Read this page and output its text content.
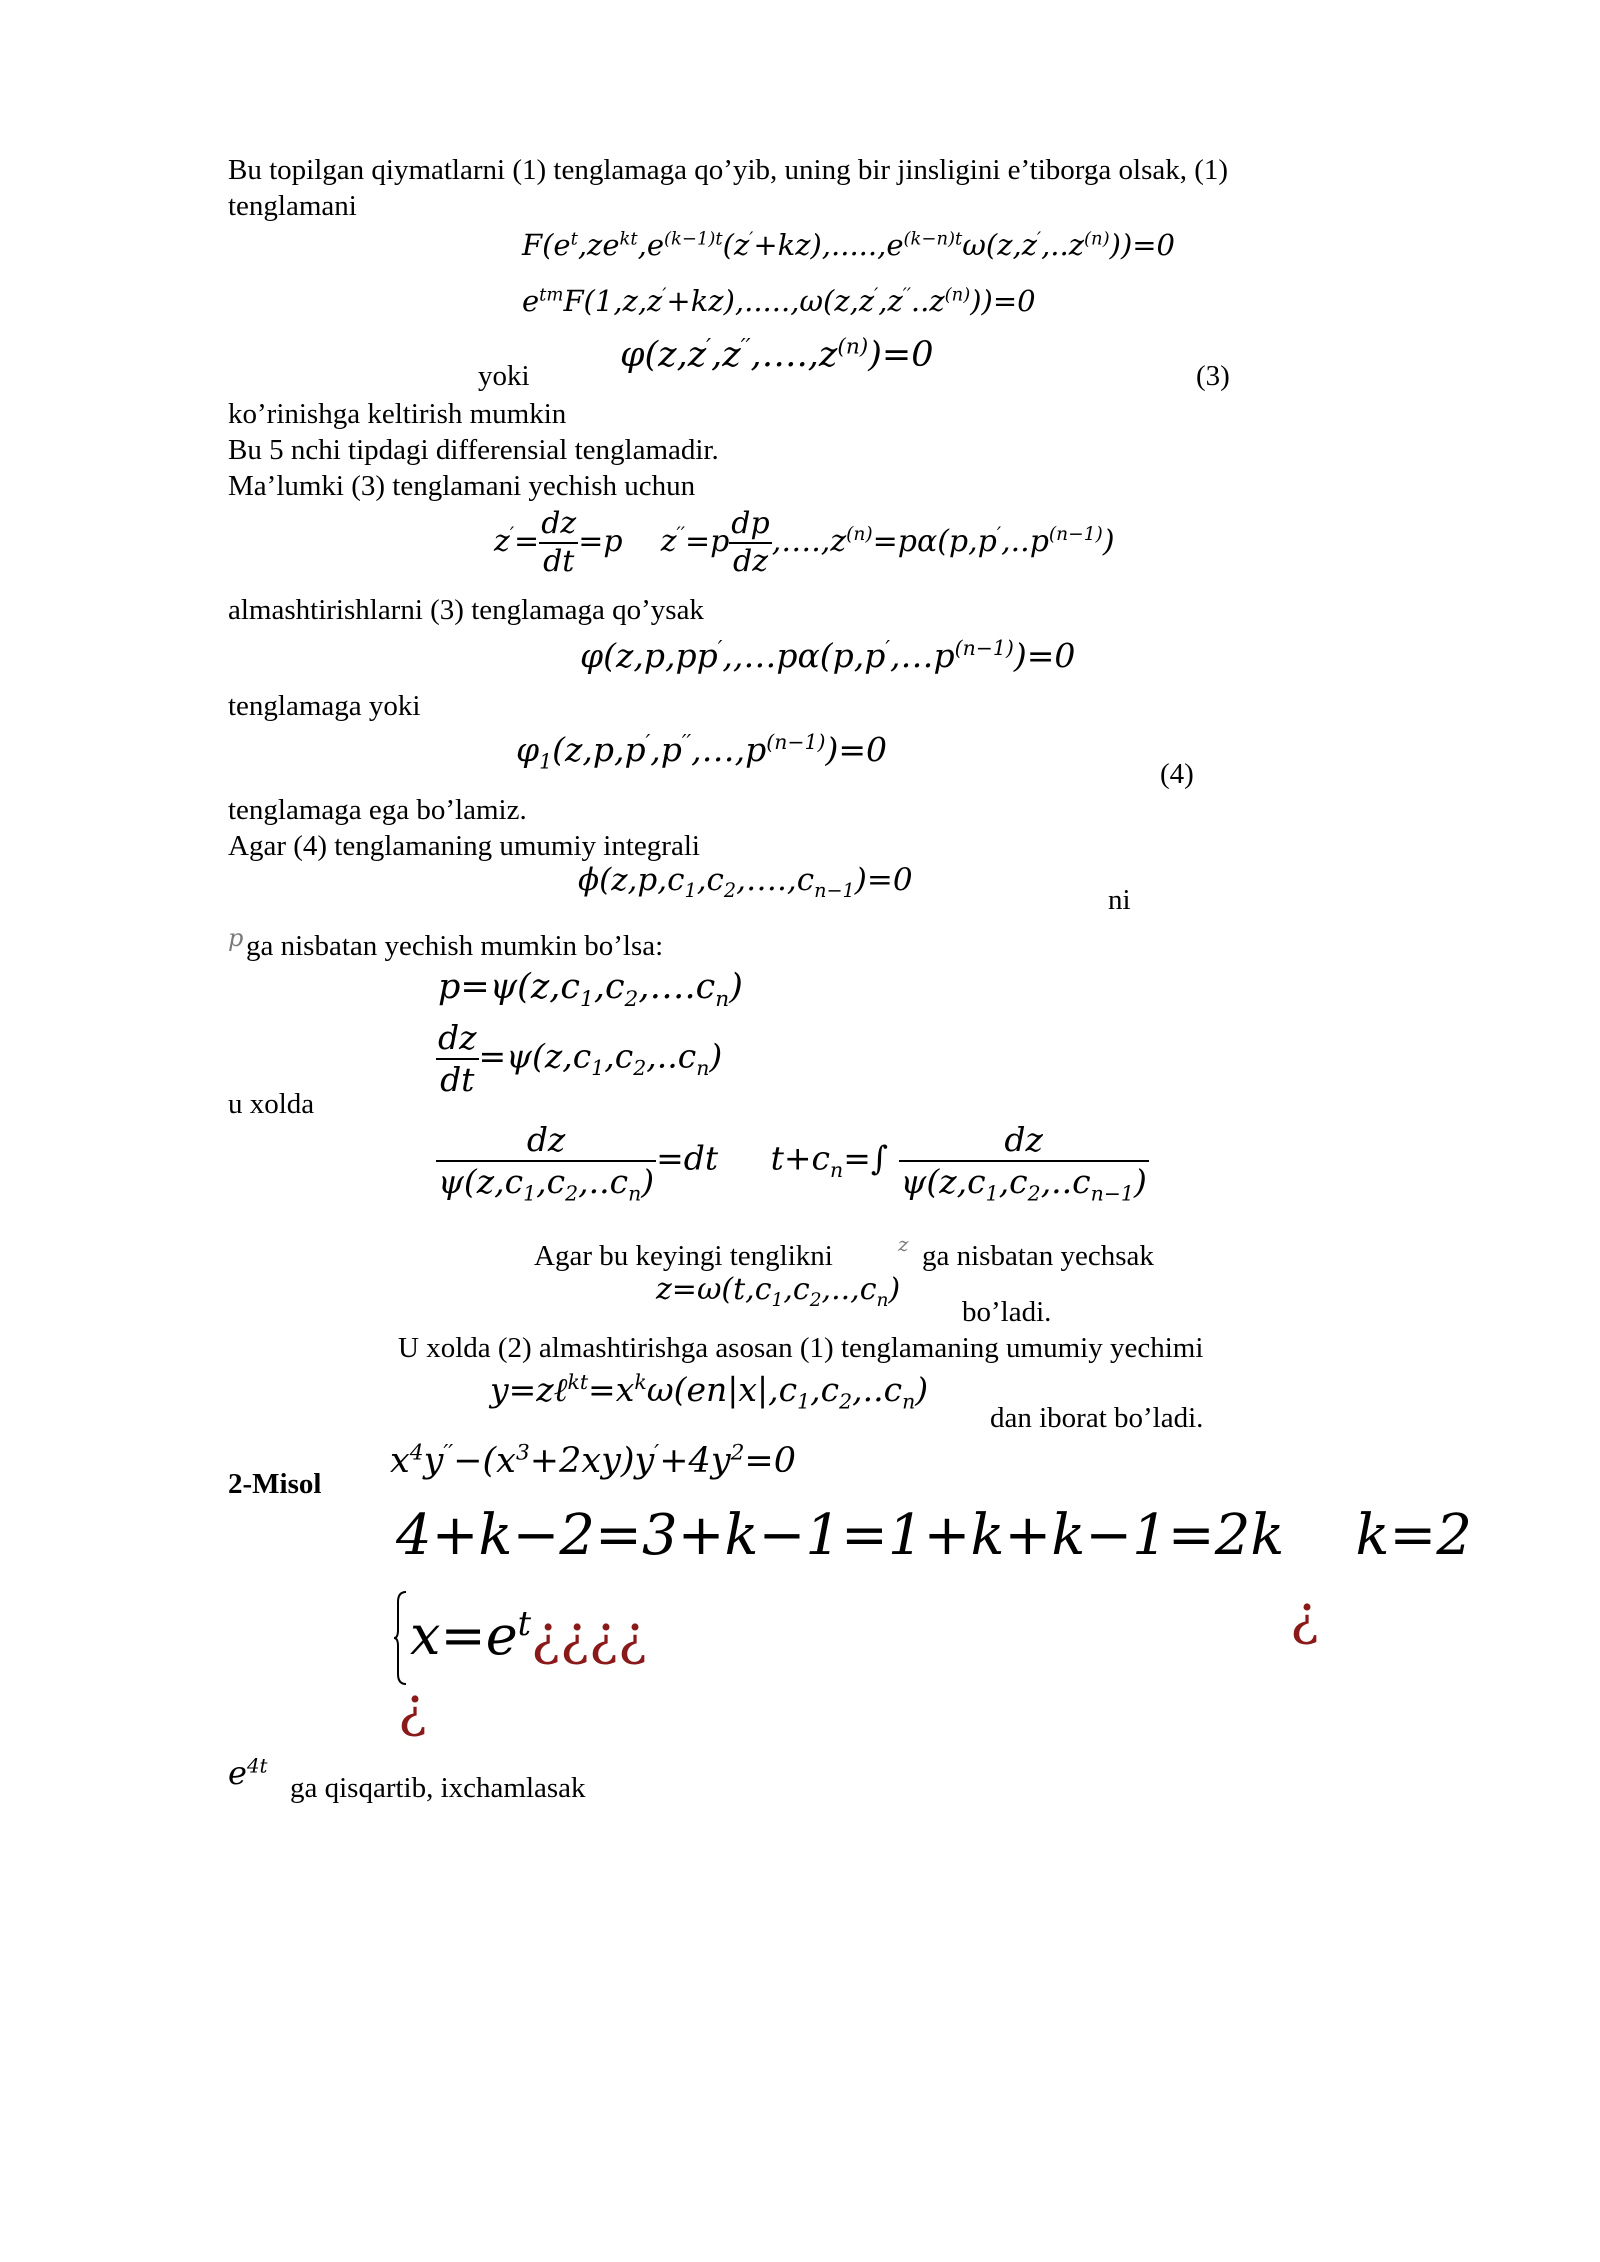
Bu topilgan qiymatlarni (1) tenglamaga qo’yib, uning bir jinsligini e’tiborga olsak, (1)
tenglamani
$F(e^t,ze^{kt},e^{(k-1)t}(z'+kz),.....,e^{(k-n)t}\omega(z,z',..z^{(n)}))=0$
$e^{tm}F(1,z,z'+kz),.....,\omega(z,z',z''..z^{(n)}))=0$
yoki
$\varphi(z,z',z'',\dots.,z^{(n)})=0$
(3)
ko’rinishga keltirish mumkin
Bu 5 nchi tipdagi differensial tenglamadir.
Ma’lumki (3) tenglamani yechish uchun
$z'= \frac{dz}{dt} =p$    $z''=p \frac{dp}{dz}$ $,\dots.,z^{(n)}=p\alpha(p,p',..p^{(n-1)})$
almashtirishlarni (3) tenglamaga qo’ysak
$\varphi(z,p,pp',,\dots p\alpha(p,p',\dots p^{(n-1)})=0$
tenglamaga yoki
$\varphi_1(z,p,p',p'',\dots,p^{(n-1)})=0$
(4)
tenglamaga ega bo’lamiz.
Agar (4) tenglamaning umumiy integrali
$\phi(z,p,c_1,c_2,\dots.,c_{n-1})=0$
ni
p ga nisbatan yechish mumkin bo’lsa:
$p=\psi(z,c_1,c_2,\dots.c_n)$
$\frac{dz}{dt} =\psi(z,c_1,c_2,..c_n)$
u xolda
$\frac{dz}{\psi(z,c_1,c_2,..c_n)} =dt$     $t+c_n=\int \frac{dz}{\psi(z,c_1,c_2,..c_{n-1})}$
Agar bu keyingi tenglikni	z ga nisbatan yechsak
$z=\omega(t,c_1,c_2,..,c_n)$
bo’ladi.
U xolda (2) almashtirishga asosan (1) tenglamaning umumiy yechimi
$y=z\ell^{kt}=x^k\omega(en|x|,c_1,c_2,..c_n)$
dan iborat bo’ladi.
2-Misol
$x^4y''-(x^3+2xy)y'+4y^2=0$
4+k−2=3+k−1=1+k+k−1=2k    k=2
$x=e^t¿¿¿¿$	¿
¿
$e^{4t}$
ga qisqartib, ixchamlasak
